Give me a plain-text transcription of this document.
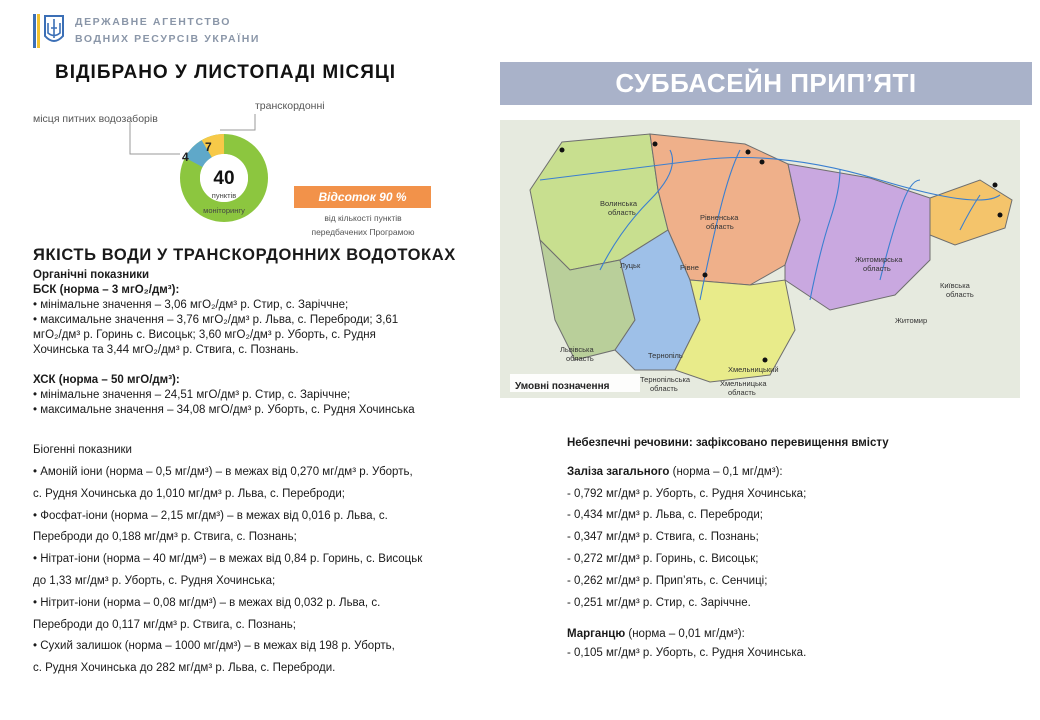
ДЕРЖАВНЕ АГЕНТСТВО
ВОДНИХ РЕСУРСІВ УКРАЇНИ
ВІДІБРАНО У ЛИСТОПАДІ МІСЯЦІ	СУББАСЕЙН ПРИП’ЯТІ
місця питних водозаборів
транскордонні
4
7
40
пунктів
моніторингу
Відсоток 90 %
від кількості пунктів
передбачених Програмою
ЯКІСТЬ ВОДИ У ТРАНСКОРДОННИХ ВОДОТОКАХ
Органічні показники
БСК (норма – 3 мгО₂/дм³):
• мінімальне значення – 3,06 мгО₂/дм³ р. Стир, с. Заріччне;
• максимальне значення – 3,76 мгО₂/дм³ р. Льва, с. Переброди; 3,61
мгО₂/дм³ р. Горинь с. Висоцьк; 3,60 мгО₂/дм³ р. Уборть, с. Рудня
Хочинська та 3,44 мгО₂/дм³ р. Ствига, с. Познань.
ХСК (норма – 50 мгО/дм³):
• мінімальне значення – 24,51 мгО/дм³ р. Стир, с. Заріччне;
• максимальне значення – 34,08 мгО/дм³ р. Уборть, с. Рудня Хочинська
Біогенні показники
• Амоній іони (норма – 0,5 мг/дм³) – в межах від 0,270 мг/дм³ р. Уборть,
с. Рудня Хочинська до 1,010 мг/дм³ р. Льва, с. Переброди;
• Фосфат-іони (норма – 2,15 мг/дм³) – в межах від 0,016 р. Льва, с.
Переброди до 0,188 мг/дм³ р. Ствига, с. Познань;
• Нітрат-іони (норма – 40 мг/дм³) – в межах від 0,84 р. Горинь, с. Висоцьк
до 1,33 мг/дм³ р. Уборть, с. Рудня Хочинська;
• Нітрит-іони (норма – 0,08 мг/дм³) – в межах від 0,032 р. Льва, с.
Переброди до 0,117 мг/дм³ р. Ствига, с. Познань;
• Сухий залишок (норма – 1000 мг/дм³) – в межах від 198 р. Уборть,
с. Рудня Хочинська до 282 мг/дм³ р. Льва, с. Переброди.
Волинська
область
Рівненська
область
Житомирська
область
Київська
область
Львівська
область
Тернопільська
область
Хмельницька
область
Луцьк	Рівне
Житомир
Тернопіль
Хмельницький
Умовні позначення
Небезпечні речовини: зафіксовано перевищення вмісту
Заліза загального (норма – 0,1 мг/дм³):
- 0,792 мг/дм³ р. Уборть, с. Рудня Хочинська;
- 0,434 мг/дм³ р. Льва, с. Переброди;
- 0,347 мг/дм³ р. Ствига, с. Познань;
- 0,272 мг/дм³ р. Горинь, с. Висоцьк;
- 0,262 мг/дм³ р. Прип’ять, с. Сенчиці;
- 0,251 мг/дм³ р. Стир, с. Заріччне.
Марганцю (норма – 0,01 мг/дм³):
- 0,105 мг/дм³ р. Уборть, с. Рудня Хочинська.
